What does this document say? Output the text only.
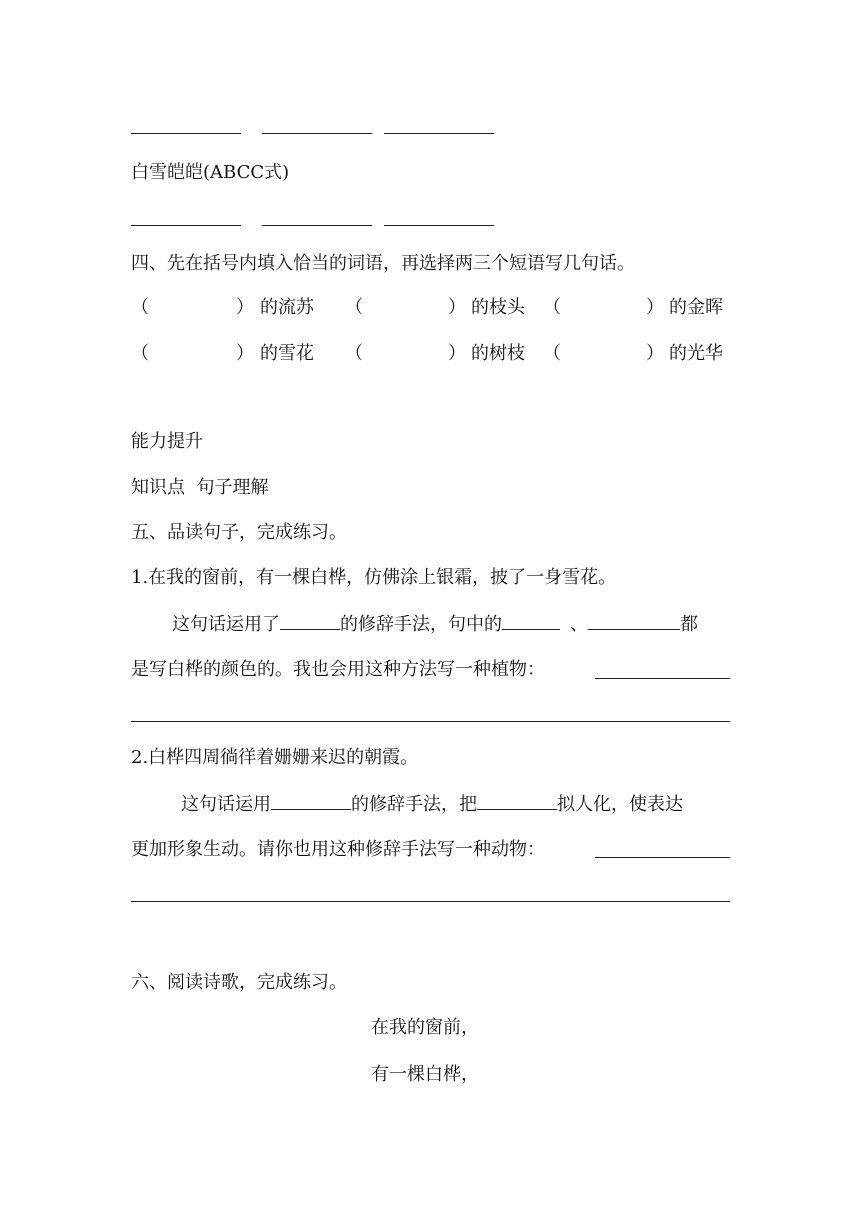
白雪皑皑(ABCC式)
四、先在括号内填入恰当的词语，再选择两三个短语写几句话。
（	） 的流苏 （	） 的枝头 （	） 的金晖
（	） 的雪花 （	） 的树枝 （	） 的光华
能力提升
知识点  句子理解
五、品读句子，完成练习。
1.在我的窗前，有一棵白桦，仿佛涂上银霜，披了一身雪花。
这句话运用了	的修辞手法，句中的	、	都
是写白桦的颜色的。我也会用这种方法写一种植物：
2.白桦四周徜徉着姗姗来迟的朝霞。
这句话运用	的修辞手法，把	拟人化，使表达
更加形象生动。请你也用这种修辞手法写一种动物：
六、阅读诗歌，完成练习。
在我的窗前，
有一棵白桦，
